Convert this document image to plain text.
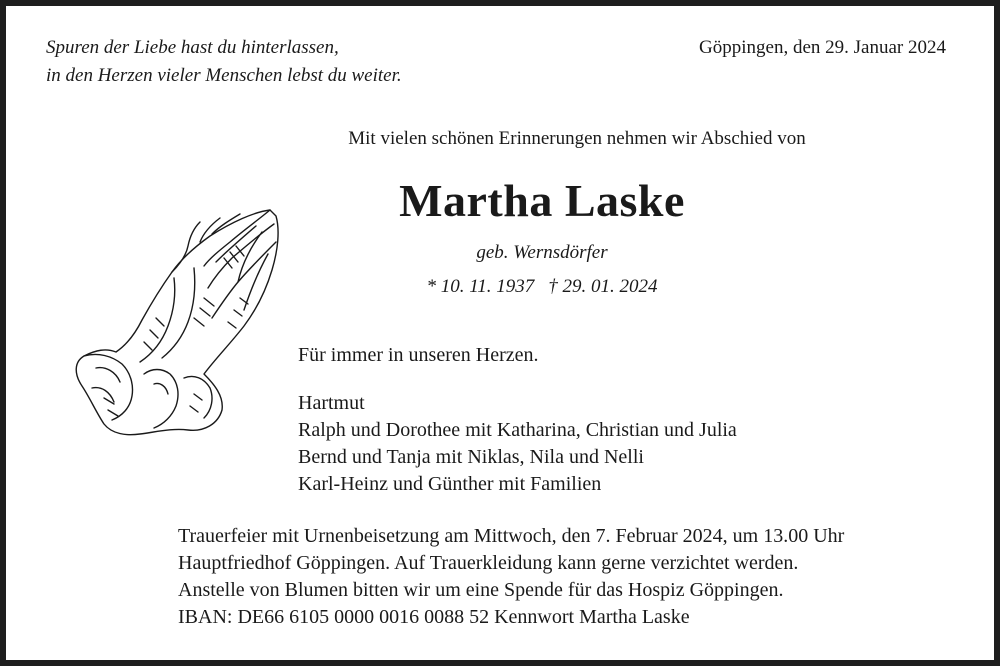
Spuren der Liebe hast du hinterlassen,
in den Herzen vieler Menschen lebst du weiter.
Göppingen, den 29. Januar 2024
Mit vielen schönen Erinnerungen nehmen wir Abschied von
Martha Laske
geb. Wernsdörfer
* 10. 11. 1937 † 29. 01. 2024
Für immer in unseren Herzen.
Hartmut
Ralph und Dorothee mit Katharina, Christian und Julia
Bernd und Tanja mit Niklas, Nila und Nelli
Karl-Heinz und Günther mit Familien
Trauerfeier mit Urnenbeisetzung am Mittwoch, den 7. Februar 2024, um 13.00 Uhr
Hauptfriedhof Göppingen. Auf Trauerkleidung kann gerne verzichtet werden.
Anstelle von Blumen bitten wir um eine Spende für das Hospiz Göppingen.
IBAN: DE66 6105 0000 0016 0088 52 Kennwort Martha Laske
